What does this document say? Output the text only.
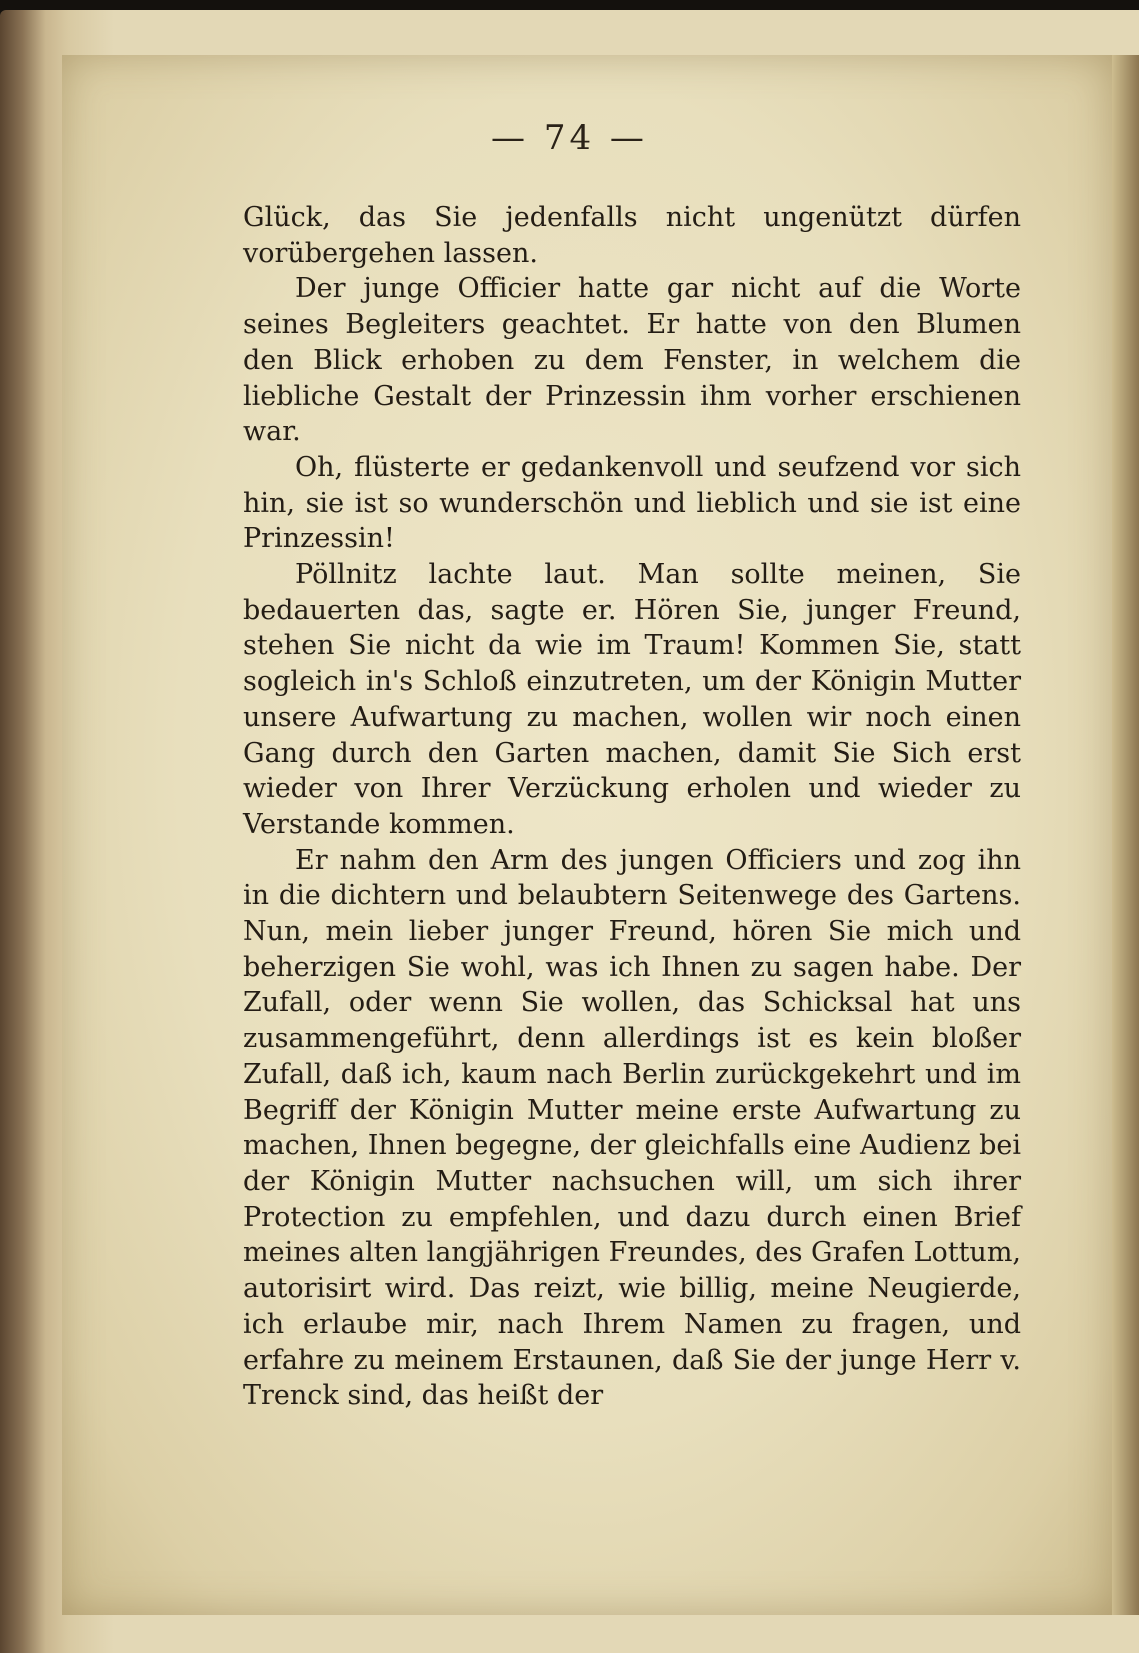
— 74 —

Glück, das Sie jedenfalls nicht ungenützt dürfen vorübergehen lassen.

Der junge Officier hatte gar nicht auf die Worte seines Begleiters geachtet. Er hatte von den Blumen den Blick erhoben zu dem Fenster, in welchem die liebliche Gestalt der Prinzessin ihm vorher erschienen war.

Oh, flüsterte er gedankenvoll und seufzend vor sich hin, sie ist so wunderschön und lieblich und sie ist eine Prinzessin!

Pöllnitz lachte laut. Man sollte meinen, Sie bedauerten das, sagte er. Hören Sie, junger Freund, stehen Sie nicht da wie im Traum! Kommen Sie, statt sogleich in's Schloß einzutreten, um der Königin Mutter unsere Aufwartung zu machen, wollen wir noch einen Gang durch den Garten machen, damit Sie Sich erst wieder von Ihrer Verzückung erholen und wieder zu Verstande kommen.

Er nahm den Arm des jungen Officiers und zog ihn in die dichtern und belaubtern Seitenwege des Gartens. Nun, mein lieber junger Freund, hören Sie mich und beherzigen Sie wohl, was ich Ihnen zu sagen habe. Der Zufall, oder wenn Sie wollen, das Schicksal hat uns zusammengeführt, denn allerdings ist es kein bloßer Zufall, daß ich, kaum nach Berlin zurückgekehrt und im Begriff der Königin Mutter meine erste Aufwartung zu machen, Ihnen begegne, der gleichfalls eine Audienz bei der Königin Mutter nachsuchen will, um sich ihrer Protection zu empfehlen, und dazu durch einen Brief meines alten langjährigen Freundes, des Grafen Lottum, autorisirt wird. Das reizt, wie billig, meine Neugierde, ich erlaube mir, nach Ihrem Namen zu fragen, und erfahre zu meinem Erstaunen, daß Sie der junge Herr v. Trenck sind, das heißt der
